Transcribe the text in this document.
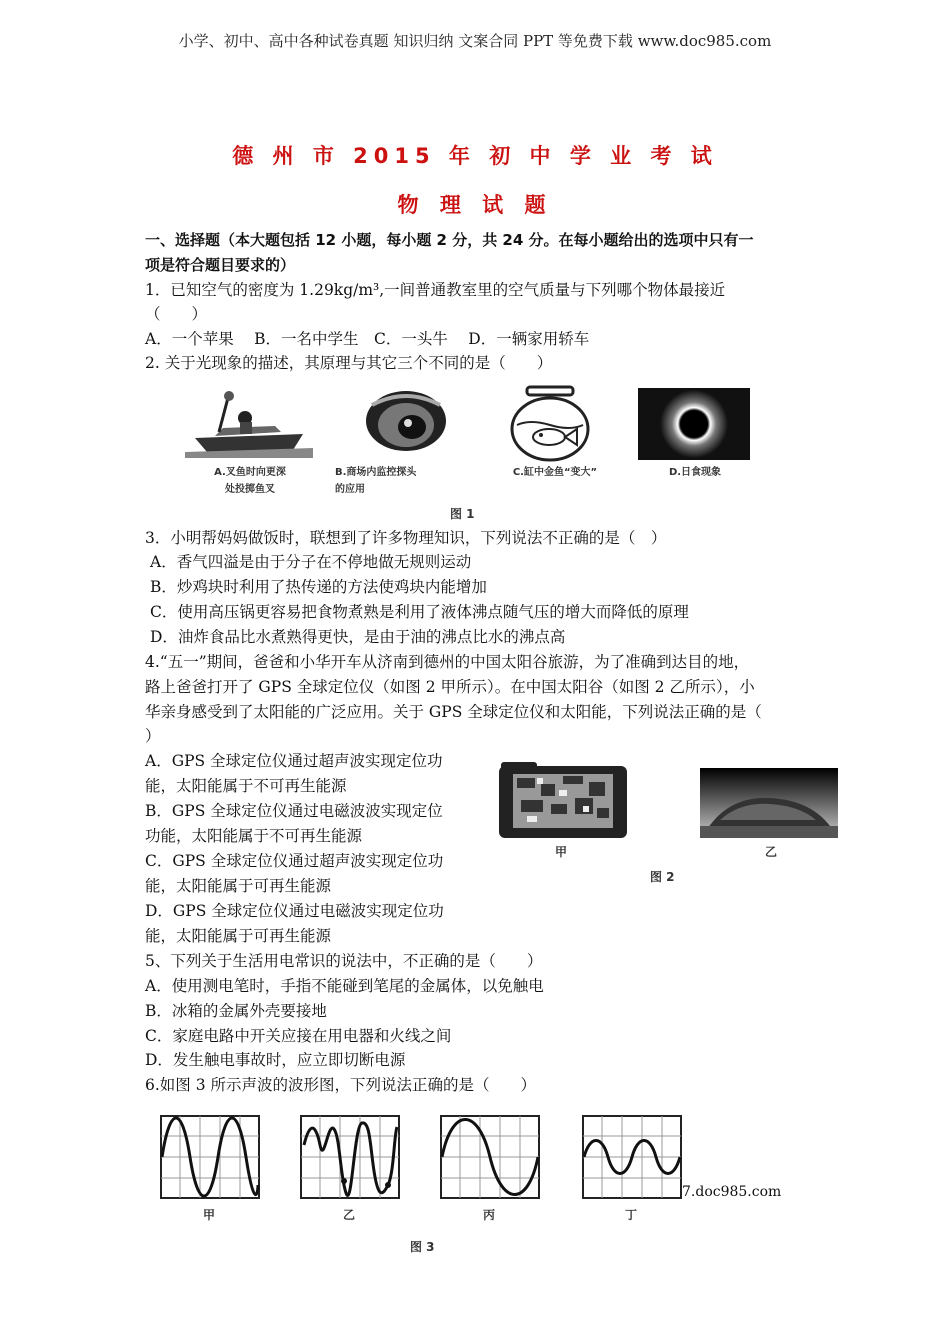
小学、初中、高中各种试卷真题 知识归纳 文案合同 PPT 等免费下载 www.doc985.com
德 州 市 2015 年 初 中 学 业 考 试
物 理 试 题
一、选择题（本大题包括 12 小题，每小题 2 分，共 24 分。在每小题给出的选项中只有一
项是符合题目要求的）
1．已知空气的密度为 1.29kg/m³,一间普通教室里的空气质量与下列哪个物体最接近
（　　）
A．一个苹果　 B．一名中学生　C．一头牛　 D．一辆家用轿车
2. 关于光现象的描述，其原理与其它三个不同的是（　　）
A.叉鱼时向更深
处投掷鱼叉
B.商场内监控探头
的应用
C.缸中金鱼“变大”	D.日食现象
图 1
3．小明帮妈妈做饭时，联想到了许多物理知识，下列说法不正确的是（　）
A．香气四溢是由于分子在不停地做无规则运动
B．炒鸡块时利用了热传递的方法使鸡块内能增加
C．使用高压锅更容易把食物煮熟是利用了液体沸点随气压的增大而降低的原理
D．油炸食品比水煮熟得更快，是由于油的沸点比水的沸点高
4.“五一”期间，爸爸和小华开车从济南到德州的中国太阳谷旅游，为了准确到达目的地，
路上爸爸打开了 GPS 全球定位仪（如图 2 甲所示）。在中国太阳谷（如图 2 乙所示），小
华亲身感受到了太阳能的广泛应用。关于 GPS 全球定位仪和太阳能，下列说法正确的是（
）
A．GPS 全球定位仪通过超声波实现定位功
能，太阳能属于不可再生能源
B．GPS 全球定位仪通过电磁波波实现定位
功能，太阳能属于不可再生能源
C．GPS 全球定位仪通过超声波实现定位功
能，太阳能属于可再生能源
D．GPS 全球定位仪通过电磁波实现定位功
能，太阳能属于可再生能源
甲	乙
图 2
5、下列关于生活用电常识的说法中，不正确的是（　　）
A．使用测电笔时，手指不能碰到笔尾的金属体，以免触电
B．冰箱的金属外壳要接地
C．家庭电路中开关应接在用电器和火线之间
D．发生触电事故时，应立即切断电源
6.如图 3 所示声波的波形图，下列说法正确的是（　　）
7.doc985.com
甲	乙	丙	丁
图 3
